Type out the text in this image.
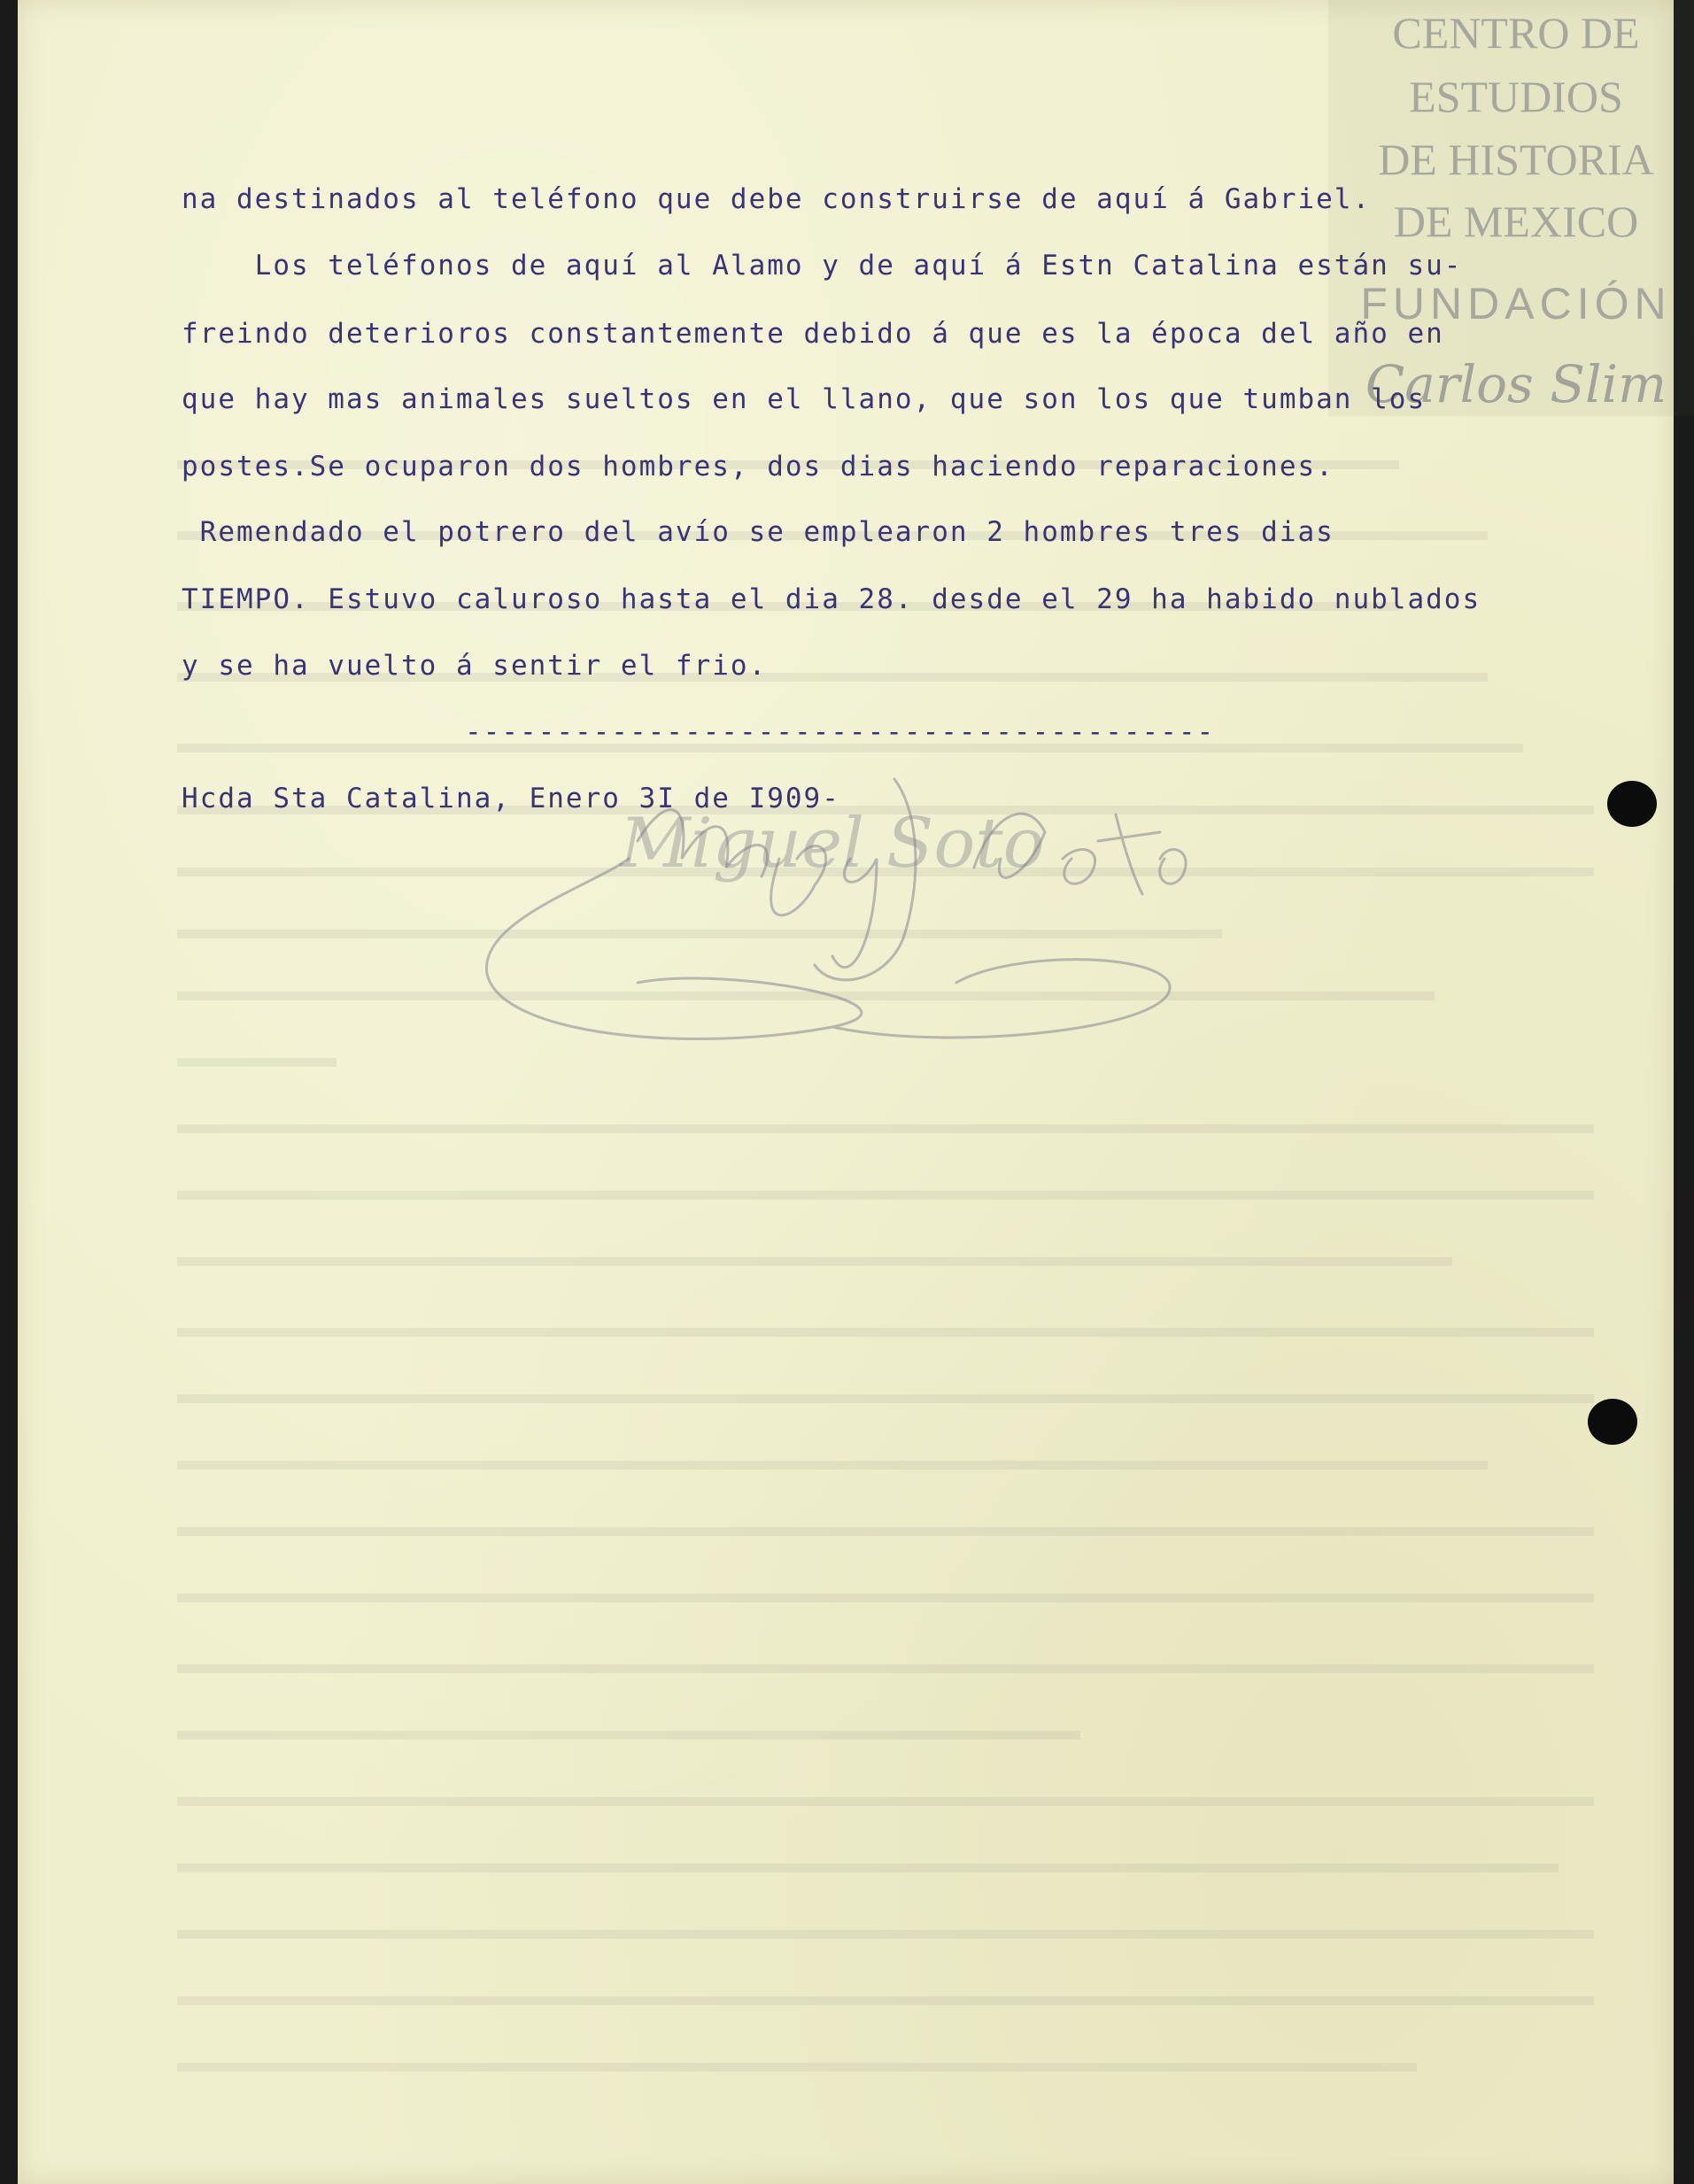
CENTRO DE
ESTUDIOS
DE HISTORIA
DE MEXICO
FUNDACIÓN
Carlos Slim

na destinados al teléfono que debe construirse de aquí á Gabriel.

Los teléfonos de aquí al Alamo y de aquí á Estn Catalina están su-

freindo deterioros constantemente debido á que es la época del año en

que hay mas animales sueltos en el llano, que son los que tumban los

postes.Se ocuparon dos hombres, dos dias haciendo reparaciones.

Remendado el potrero del avío se emplearon 2 hombres tres dias

TIEMPO. Estuvo caluroso hasta el dia 28. desde el 29 ha habido nublados

y se ha vuelto á sentir el frio.

-----------------------------------------

Hcda Sta Catalina, Enero 3I de I909-

Miguel Soto
